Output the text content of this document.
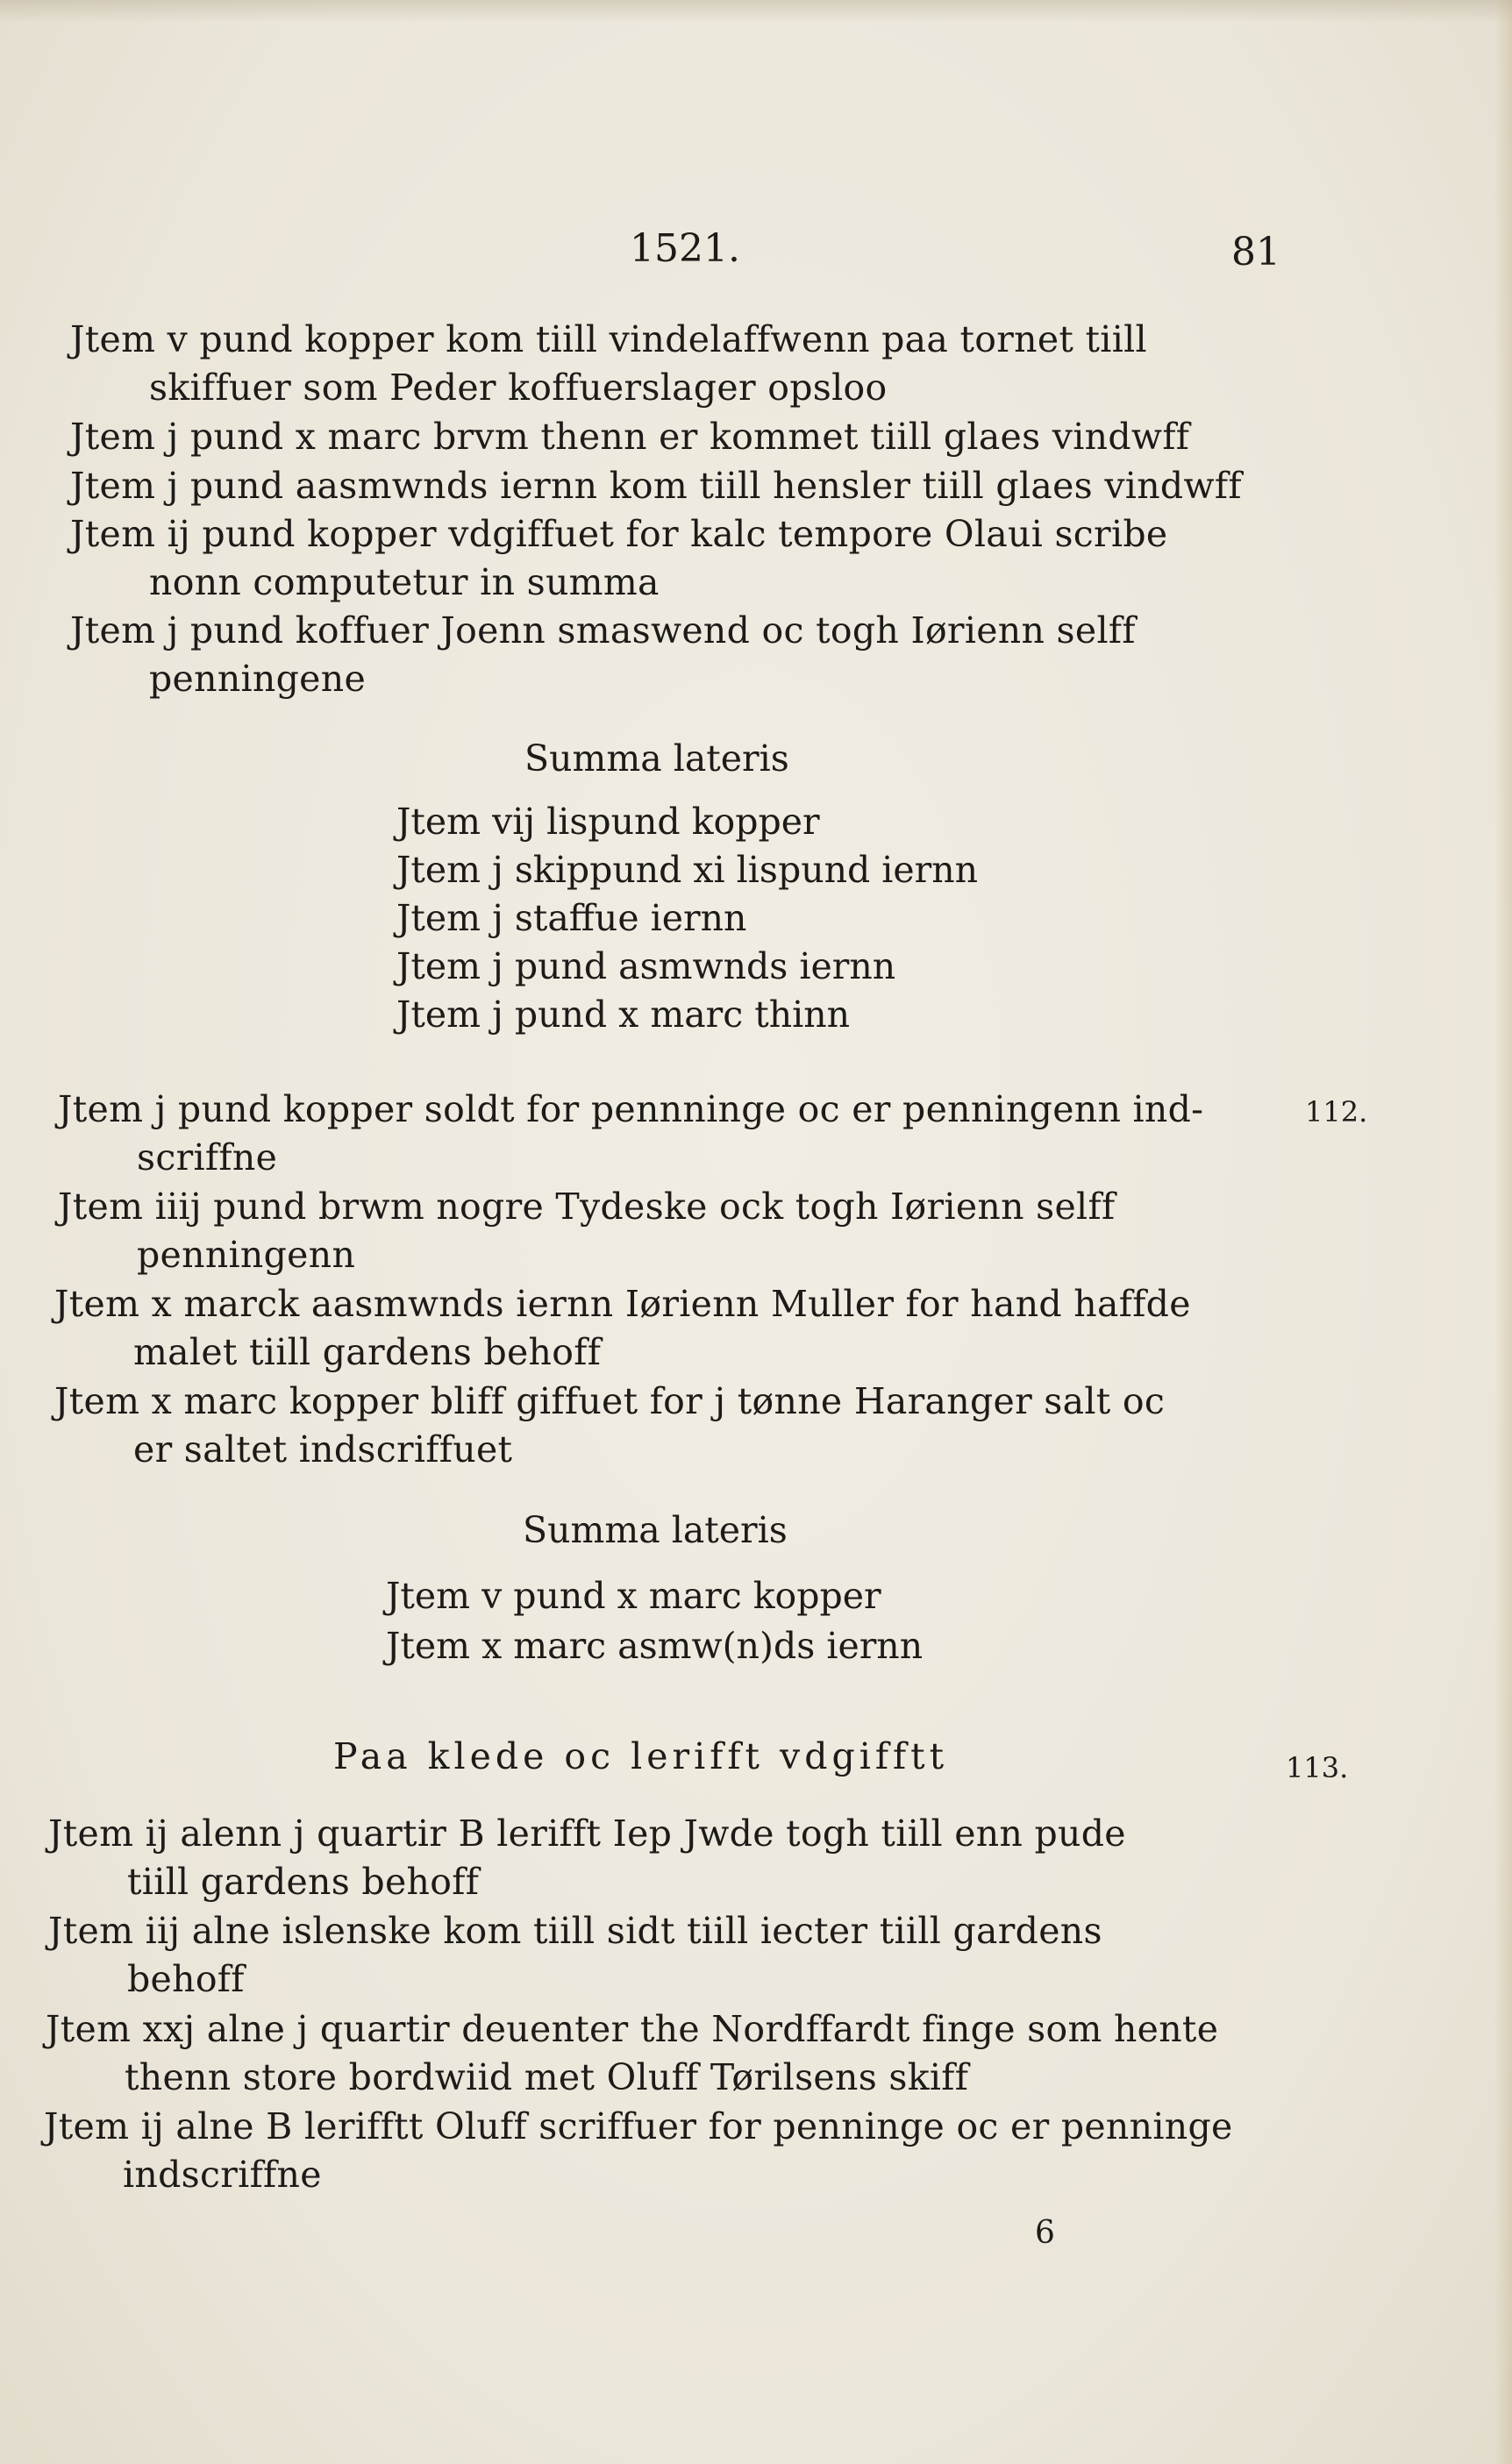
1521.	81
Jtem v pund kopper kom tiill vindelaffwenn paa tornet tiill
skiffuer som Peder koffuerslager opsloo
Jtem j pund x marc brvm thenn er kommet tiill glaes vindwff
Jtem j pund aasmwnds iernn kom tiill hensler tiill glaes vindwff
Jtem ij pund kopper vdgiffuet for kalc tempore Olaui scribe
nonn computetur in summa
Jtem j pund koffuer Joenn smaswend oc togh Iørienn selff
penningene
Summa lateris
Jtem vij lispund kopper
Jtem j skippund xi lispund iernn
Jtem j staffue iernn
Jtem j pund asmwnds iernn
Jtem j pund x marc thinn
Jtem j pund kopper soldt for pennninge oc er penningenn ind-
scriffne
112.
Jtem iiij pund brwm nogre Tydeske ock togh Iørienn selff
penningenn
Jtem x marck aasmwnds iernn Iørienn Muller for hand haffde
malet tiill gardens behoff
Jtem x marc kopper bliff giffuet for j tønne Haranger salt oc
er saltet indscriffuet
Summa lateris
Jtem v pund x marc kopper
Jtem x marc asmw(n)ds iernn
Paa klede oc lerifft vdgifftt	113.
Jtem ij alenn j quartir B lerifft Iep Jwde togh tiill enn pude
tiill gardens behoff
Jtem iij alne islenske kom tiill sidt tiill iecter tiill gardens
behoff
Jtem xxj alne j quartir deuenter the Nordffardt finge som hente
thenn store bordwiid met Oluff Tørilsens skiff
Jtem ij alne B lerifftt Oluff scriffuer for penninge oc er penninge
indscriffne
6
